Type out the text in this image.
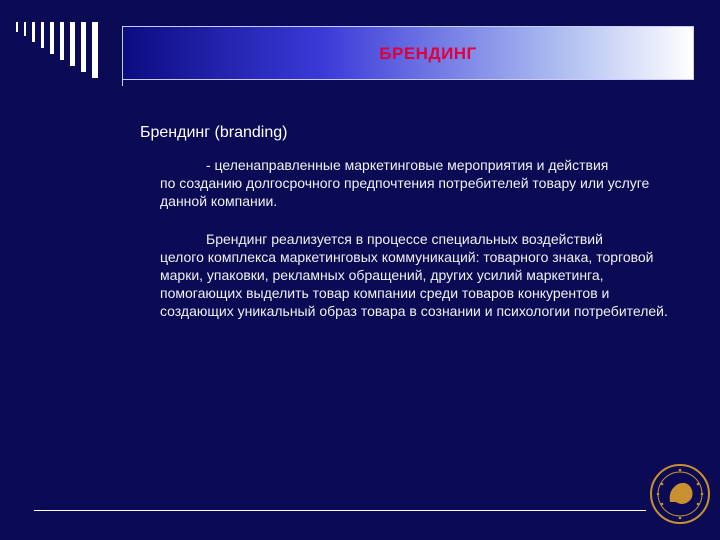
БРЕНДИНГ

Брендинг (branding)

- целенаправленные маркетинговые мероприятия и действия
по созданию долгосрочного предпочтения потребителей товару или услуге данной компании.

Брендинг реализуется в процессе специальных воздействий
целого комплекса маркетинговых коммуникаций: товарного знака, торговой марки, упаковки, рекламных обращений, других усилий маркетинга, помогающих выделить товар компании среди товаров конкурентов и создающих уникальный образ товара в сознании и психологии потребителей.
